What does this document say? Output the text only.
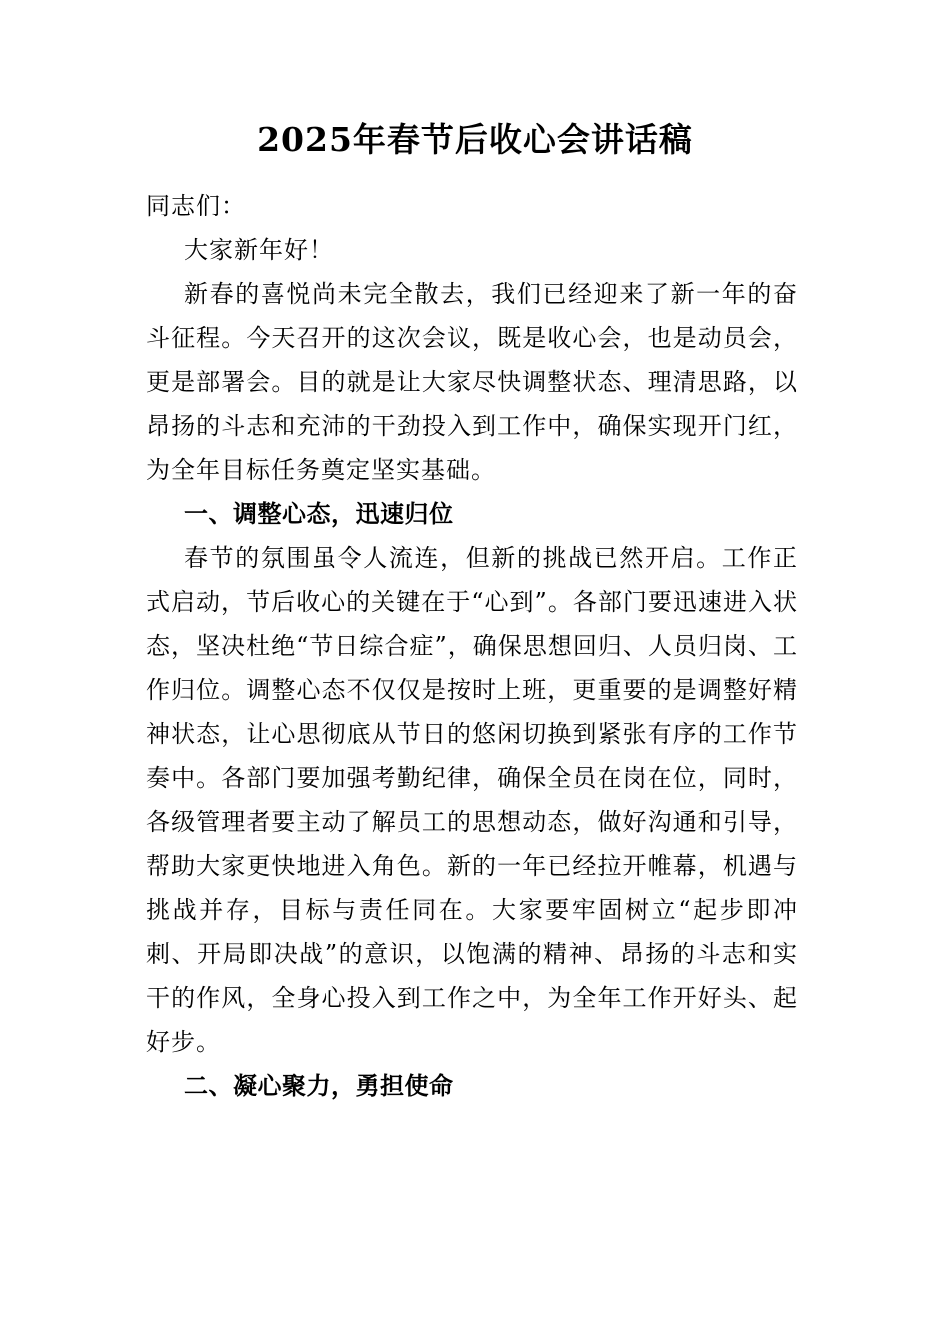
2025年春节后收心会讲话稿

同志们：

大家新年好！

新春的喜悦尚未完全散去，我们已经迎来了新一年的奋斗征程。今天召开的这次会议，既是收心会，也是动员会，更是部署会。目的就是让大家尽快调整状态、理清思路，以昂扬的斗志和充沛的干劲投入到工作中，确保实现开门红，为全年目标任务奠定坚实基础。

一、调整心态，迅速归位

春节的氛围虽令人流连，但新的挑战已然开启。工作正式启动，节后收心的关键在于“心到”。各部门要迅速进入状态，坚决杜绝“节日综合症”，确保思想回归、人员归岗、工作归位。调整心态不仅仅是按时上班，更重要的是调整好精神状态，让心思彻底从节日的悠闲切换到紧张有序的工作节奏中。各部门要加强考勤纪律，确保全员在岗在位，同时，各级管理者要主动了解员工的思想动态，做好沟通和引导，帮助大家更快地进入角色。新的一年已经拉开帷幕，机遇与挑战并存，目标与责任同在。大家要牢固树立“起步即冲刺、开局即决战”的意识，以饱满的精神、昂扬的斗志和实干的作风，全身心投入到工作之中，为全年工作开好头、起好步。

二、凝心聚力，勇担使命
